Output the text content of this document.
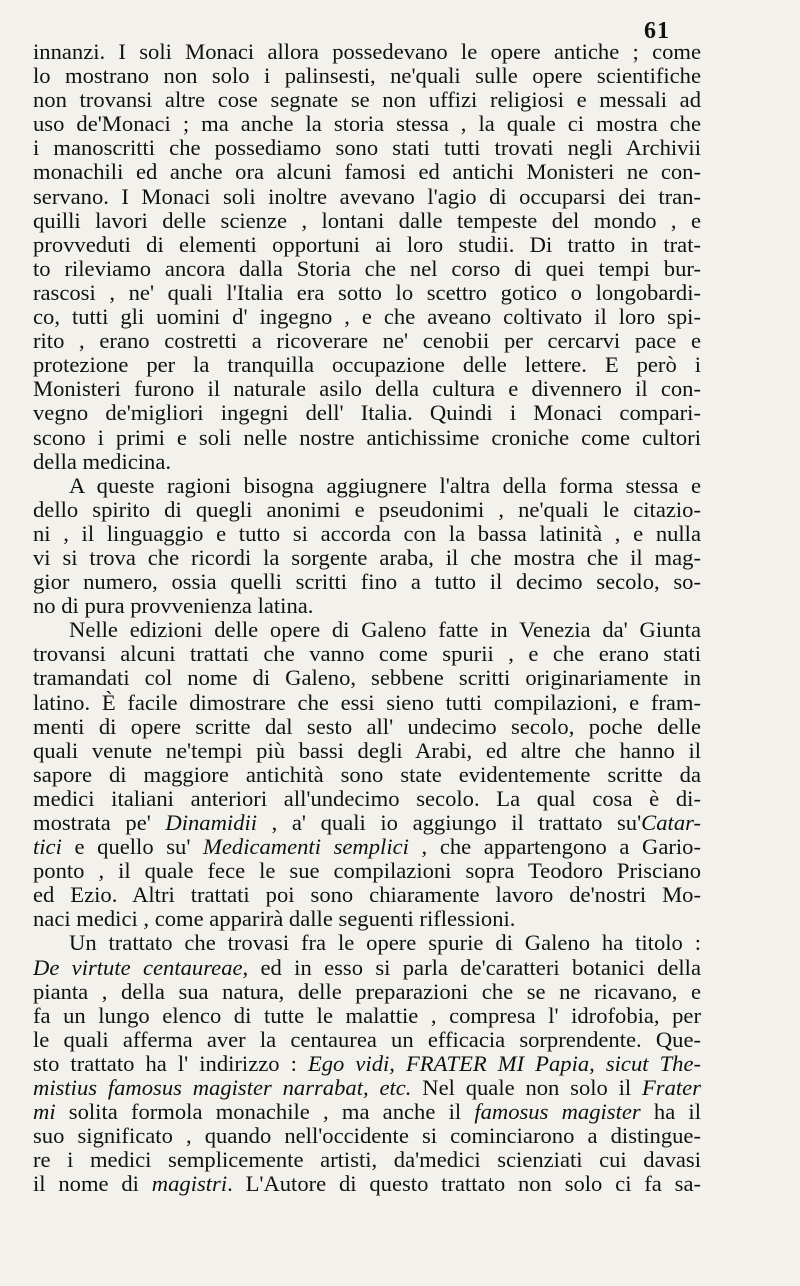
61
innanzi. I soli Monaci allora possedevano le opere antiche ; come
lo mostrano non solo i palinsesti, ne'quali sulle opere scientifiche
non trovansi altre cose segnate se non uffizi religiosi e messali ad
uso de'Monaci ; ma anche la storia stessa , la quale ci mostra che
i manoscritti che possediamo sono stati tutti trovati negli Archivii
monachili ed anche ora alcuni famosi ed antichi Monisteri ne con-
servano. I Monaci soli inoltre avevano l'agio di occuparsi dei tran-
quilli lavori delle scienze , lontani dalle tempeste del mondo , e
provveduti di elementi opportuni ai loro studii. Di tratto in trat-
to rileviamo ancora dalla Storia che nel corso di quei tempi bur-
rascosi , ne' quali l'Italia era sotto lo scettro gotico o longobardi-
co, tutti gli uomini d' ingegno , e che aveano coltivato il loro spi-
rito , erano costretti a ricoverare ne' cenobii per cercarvi pace e
protezione per la tranquilla occupazione delle lettere. E però i
Monisteri furono il naturale asilo della cultura e divennero il con-
vegno de'migliori ingegni dell' Italia. Quindi i Monaci compari-
scono i primi e soli nelle nostre antichissime croniche come cultori
della medicina.
A queste ragioni bisogna aggiugnere l'altra della forma stessa e
dello spirito di quegli anonimi e pseudonimi , ne'quali le citazio-
ni , il linguaggio e tutto si accorda con la bassa latinità , e nulla
vi si trova che ricordi la sorgente araba, il che mostra che il mag-
gior numero, ossia quelli scritti fino a tutto il decimo secolo, so-
no di pura provvenienza latina.
Nelle edizioni delle opere di Galeno fatte in Venezia da' Giunta
trovansi alcuni trattati che vanno come spurii , e che erano stati
tramandati col nome di Galeno, sebbene scritti originariamente in
latino. È facile dimostrare che essi sieno tutti compilazioni, e fram-
menti di opere scritte dal sesto all' undecimo secolo, poche delle
quali venute ne'tempi più bassi degli Arabi, ed altre che hanno il
sapore di maggiore antichità sono state evidentemente scritte da
medici italiani anteriori all'undecimo secolo. La qual cosa è di-
mostrata pe' Dinamidii , a' quali io aggiungo il trattato su'Catar-
tici e quello su' Medicamenti semplici , che appartengono a Gario-
ponto , il quale fece le sue compilazioni sopra Teodoro Prisciano
ed Ezio. Altri trattati poi sono chiaramente lavoro de'nostri Mo-
naci medici , come apparirà dalle seguenti riflessioni.
Un trattato che trovasi fra le opere spurie di Galeno ha titolo :
De virtute centaureae, ed in esso si parla de'caratteri botanici della
pianta , della sua natura, delle preparazioni che se ne ricavano, e
fa un lungo elenco di tutte le malattie , compresa l' idrofobia, per
le quali afferma aver la centaurea un efficacia sorprendente. Que-
sto trattato ha l' indirizzo : Ego vidi, FRATER MI Papia, sicut The-
mistius famosus magister narrabat, etc. Nel quale non solo il Frater
mi solita formola monachile , ma anche il famosus magister ha il
suo significato , quando nell'occidente si cominciarono a distingue-
re i medici semplicemente artisti, da'medici scienziati cui davasi
il nome di magistri. L'Autore di questo trattato non solo ci fa sa-
